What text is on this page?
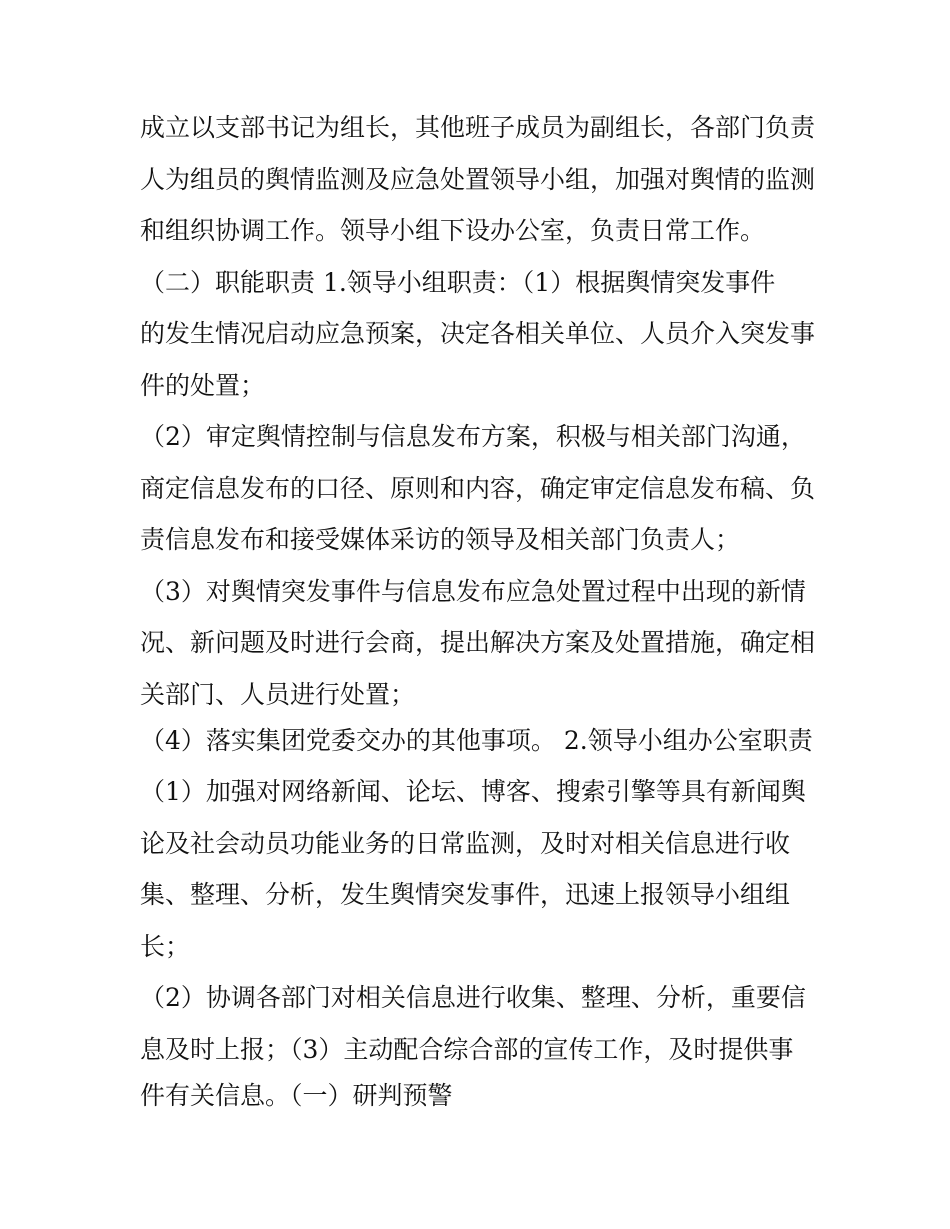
成立以支部书记为组长，其他班子成员为副组长，各部门负责
人为组员的舆情监测及应急处置领导小组，加强对舆情的监测
和组织协调工作。领导小组下设办公室，负责日常工作。
（二）职能职责 1.领导小组职责：（1）根据舆情突发事件
的发生情况启动应急预案，决定各相关单位、人员介入突发事
件的处置；
（2）审定舆情控制与信息发布方案，积极与相关部门沟通，
商定信息发布的口径、原则和内容，确定审定信息发布稿、负
责信息发布和接受媒体采访的领导及相关部门负责人；
（3）对舆情突发事件与信息发布应急处置过程中出现的新情
况、新问题及时进行会商，提出解决方案及处置措施，确定相
关部门、人员进行处置；
（4）落实集团党委交办的其他事项。 2.领导小组办公室职责
（1）加强对网络新闻、论坛、博客、搜索引擎等具有新闻舆
论及社会动员功能业务的日常监测，及时对相关信息进行收
集、整理、分析，发生舆情突发事件，迅速上报领导小组组
长；
（2）协调各部门对相关信息进行收集、整理、分析，重要信
息及时上报；（3）主动配合综合部的宣传工作，及时提供事
件有关信息。（一）研判预警
